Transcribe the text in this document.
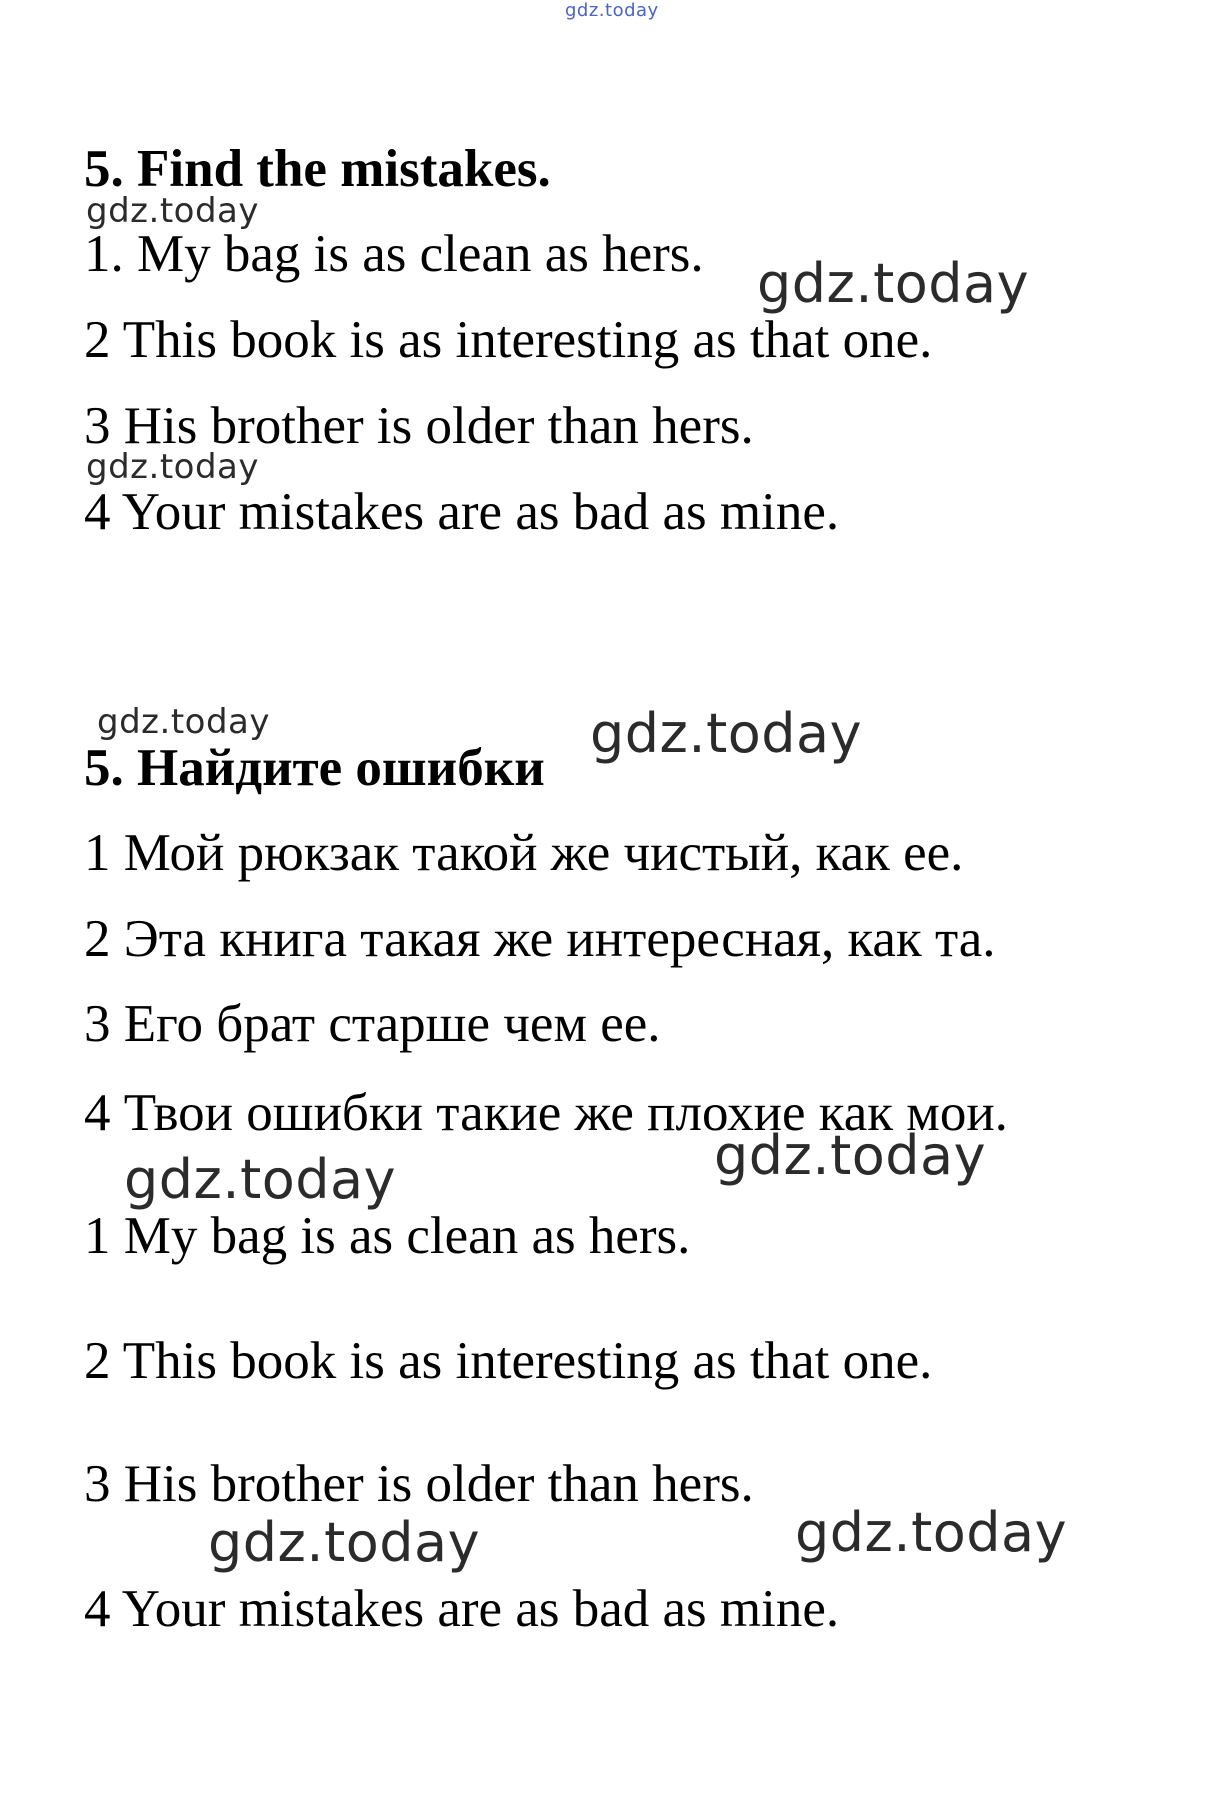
gdz.today
5. Find the mistakes.
gdz.today
1. My bag is as clean as hers. gdz.today
2 This book is as interesting as that one.
3 His brother is older than hers.
gdz.today
4 Your mistakes are as bad as mine.
gdz.today	gdz.today
5. Найдите ошибки
1 Мой рюкзак такой же чистый, как ее.
2 Эта книга такая же интересная, как та.
3 Его брат старше чем ее.
4 Твои ошибки такие же плохие как мои.
gdz.today
gdz.today
1 My bag is as clean as hers.
2 This book is as interesting as that one.
3 His brother is older than hers.
gdz.today
gdz.today
4 Your mistakes are as bad as mine.
